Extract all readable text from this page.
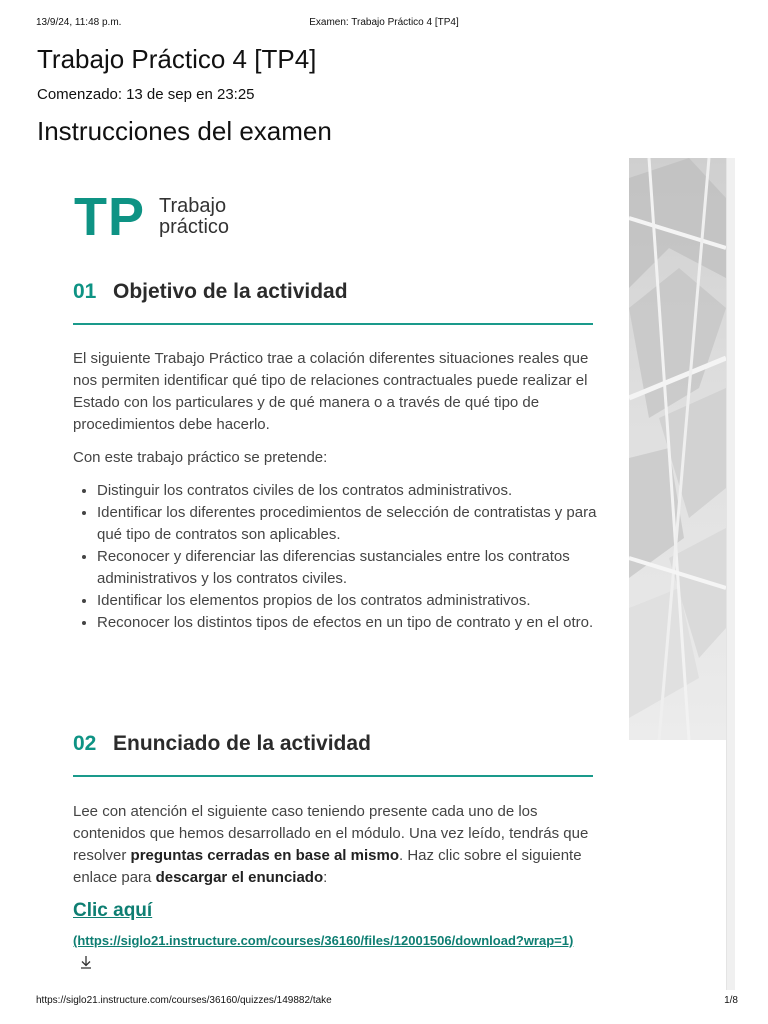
13/9/24, 11:48 p.m.	Examen: Trabajo Práctico 4 [TP4]
Trabajo Práctico 4 [TP4]
Comenzado: 13 de sep en 23:25
Instrucciones del examen
TP Trabajo
práctico
01 Objetivo de la actividad

El siguiente Trabajo Práctico trae a colación diferentes situaciones reales que nos permiten identificar qué tipo de relaciones contractuales puede realizar el Estado con los particulares y de qué manera o a través de qué tipo de procedimientos debe hacerlo.

Con este trabajo práctico se pretende:

• Distinguir los contratos civiles de los contratos administrativos.
• Identificar los diferentes procedimientos de selección de contratistas y para qué tipo de contratos son aplicables.
• Reconocer y diferenciar las diferencias sustanciales entre los contratos administrativos y los contratos civiles.
• Identificar los elementos propios de los contratos administrativos.
• Reconocer los distintos tipos de efectos en un tipo de contrato y en el otro.
02 Enunciado de la actividad

Lee con atención el siguiente caso teniendo presente cada uno de los contenidos que hemos desarrollado en el módulo. Una vez leído, tendrás que resolver preguntas cerradas en base al mismo. Haz clic sobre el siguiente enlace para descargar el enunciado:

Clic aquí
(https://siglo21.instructure.com/courses/36160/files/12001506/download?wrap=1)
https://siglo21.instructure.com/courses/36160/quizzes/149882/take	1/8
